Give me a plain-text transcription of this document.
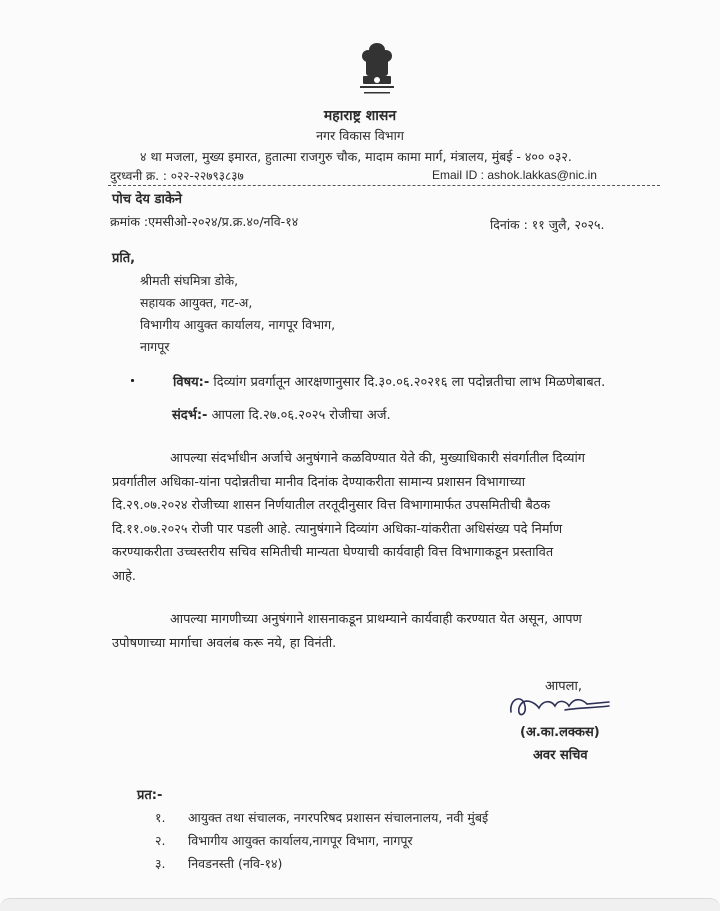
महाराष्ट्र शासन
नगर विकास विभाग
४ था मजला, मुख्य इमारत, हुतात्मा राजगुरु चौक, मादाम कामा मार्ग, मंत्रालय, मुंबई - ४०० ०३२.
दुरध्वनी क्र. : ०२२-२२७९३८३७	Email ID : ashok.lakkas@nic.in
पोच देय डाकेने
क्रमांक :एमसीओ-२०२४/प्र.क्र.४०/नवि-१४	दिनांक : ११ जुलै, २०२५.
प्रति,
श्रीमती संघमित्रा डोके,
सहायक आयुक्त, गट-अ,
विभागीय आयुक्त कार्यालय, नागपूर विभाग,
नागपूर
विषय:- दिव्यांग प्रवर्गातून आरक्षणानुसार दि.३०.०६.२०२१६ ला पदोन्नतीचा लाभ मिळणेबाबत.
संदर्भ:- आपला दि.२७.०६.२०२५ रोजीचा अर्ज.
आपल्या संदर्भाधीन अर्जाचे अनुषंगाने कळविण्यात येते की, मुख्याधिकारी संवर्गातील दिव्यांग
प्रवर्गातील अधिका-यांना पदोन्नतीचा मानीव दिनांक देण्याकरीता सामान्य प्रशासन विभागाच्या
दि.२९.०७.२०२४ रोजीच्या शासन निर्णयातील तरतूदीनुसार वित्त विभागामार्फत उपसमितीची बैठक
दि.११.०७.२०२५ रोजी पार पडली आहे. त्यानुषंगाने दिव्यांग अधिका-यांकरीता अधिसंख्य पदे निर्माण
करण्याकरीता उच्चस्तरीय सचिव समितीची मान्यता घेण्याची कार्यवाही वित्त विभागाकडून प्रस्तावित
आहे.
आपल्या मागणीच्या अनुषंगाने शासनाकडून प्राथम्याने कार्यवाही करण्यात येत असून, आपण
उपोषणाच्या मार्गाचा अवलंब करू नये, हा विनंती.
आपला,
(अ.का.लक्कस)
अवर सचिव
प्रत:-
१. आयुक्त तथा संचालक, नगरपरिषद प्रशासन संचालनालय, नवी मुंबई
२. विभागीय आयुक्त कार्यालय,नागपूर विभाग, नागपूर
३. निवडनस्ती (नवि-१४)
